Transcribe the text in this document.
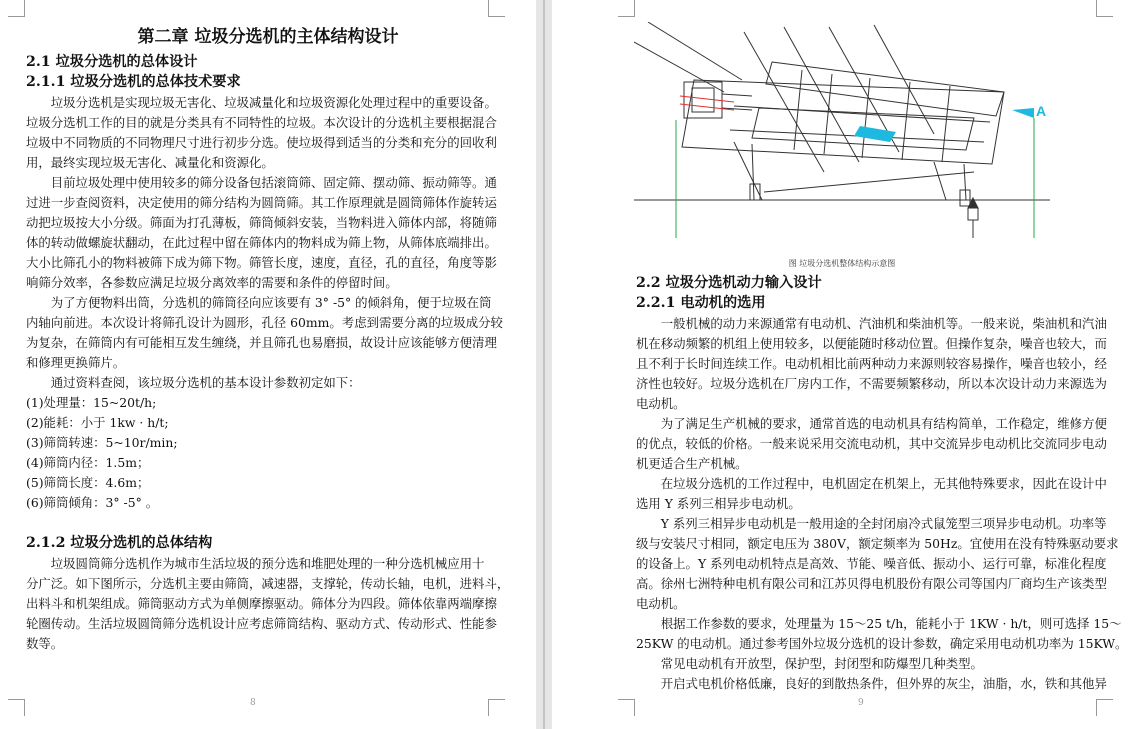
第二章 垃圾分选机的主体结构设计
2.1 垃圾分选机的总体设计
2.1.1 垃圾分选机的总体技术要求
　　垃圾分选机是实现垃圾无害化、垃圾减量化和垃圾资源化处理过程中的重要设备。
垃圾分选机工作的目的就是分类具有不同特性的垃圾。本次设计的分选机主要根据混合
垃圾中不同物质的不同物理尺寸进行初步分选。使垃圾得到适当的分类和充分的回收利
用，最终实现垃圾无害化、减量化和资源化。
　　目前垃圾处理中使用较多的筛分设备包括滚筒筛、固定筛、摆动筛、振动筛等。通
过进一步查阅资料，决定使用的筛分结构为圆筒筛。其工作原理就是圆筒筛体作旋转运
动把垃圾按大小分级。筛面为打孔薄板，筛筒倾斜安装，当物料进入筛体内部，将随筛
体的转动做螺旋状翻动，在此过程中留在筛体内的物料成为筛上物，从筛体底端排出。
大小比筛孔小的物料被筛下成为筛下物。筛管长度，速度，直径，孔的直径，角度等影
响筛分效率，各参数应满足垃圾分离效率的需要和条件的停留时间。
　　为了方便物料出筒，分选机的筛筒径向应该要有 3° -5° 的倾斜角，便于垃圾在筒
内轴向前进。本次设计将筛孔设计为圆形，孔径 60mm。考虑到需要分离的垃圾成分较
为复杂，在筛筒内有可能相互发生缠绕，并且筛孔也易磨损，故设计应该能够方便清理
和修理更换筛片。
　　通过资料查阅，该垃圾分选机的基本设计参数初定如下：
(1)处理量：15~20t/h;
(2)能耗：小于 1kw · h/t;
(3)筛筒转速：5~10r/min;
(4)筛筒内径：1.5m；
(5)筛筒长度：4.6m；
(6)筛筒倾角：3° -5° 。
2.1.2 垃圾分选机的总体结构
　　垃圾圆筒筛分选机作为城市生活垃圾的预分选和堆肥处理的一种分选机械应用十
分广泛。如下图所示，分选机主要由筛筒，减速器，支撑轮，传动长轴，电机，进料斗，
出料斗和机架组成。筛筒驱动方式为单侧摩擦驱动。筛体分为四段。筛体依靠两端摩擦
轮圈传动。生活垃圾圆筒筛分选机设计应考虑筛筒结构、驱动方式、传动形式、性能参
数等。
8
A
图 垃圾分选机整体结构示意图
2.2 垃圾分选机动力输入设计
2.2.1 电动机的选用
　　一般机械的动力来源通常有电动机、汽油机和柴油机等。一般来说，柴油机和汽油
机在移动频繁的机组上使用较多，以便能随时移动位置。但操作复杂，噪音也较大，而
且不利于长时间连续工作。电动机相比前两种动力来源则较容易操作，噪音也较小，经
济性也较好。垃圾分选机在厂房内工作，不需要频繁移动，所以本次设计动力来源选为
电动机。
　　为了满足生产机械的要求，通常首选的电动机具有结构简单，工作稳定，维修方便
的优点，较低的价格。一般来说采用交流电动机，其中交流异步电动机比交流同步电动
机更适合生产机械。
　　在垃圾分选机的工作过程中，电机固定在机架上，无其他特殊要求，因此在设计中
选用 Y 系列三相异步电动机。
　　Y 系列三相异步电动机是一般用途的全封闭扇冷式鼠笼型三项异步电动机。功率等
级与安装尺寸相同，额定电压为 380V，额定频率为 50Hz。宜使用在没有特殊驱动要求
的设备上。Y 系列电动机特点是高效、节能、噪音低、振动小、运行可靠，标准化程度
高。徐州七洲特种电机有限公司和江苏贝得电机股份有限公司等国内厂商均生产该类型
电动机。
　　根据工作参数的要求，处理量为 15～25 t/h，能耗小于 1KW · h/t，则可选择 15～
25KW 的电动机。通过参考国外垃圾分选机的设计参数，确定采用电动机功率为 15KW。
　　常见电动机有开放型，保护型，封闭型和防爆型几种类型。
　　开启式电机价格低廉，良好的到散热条件，但外界的灰尘，油脂，水，铁和其他异
9
